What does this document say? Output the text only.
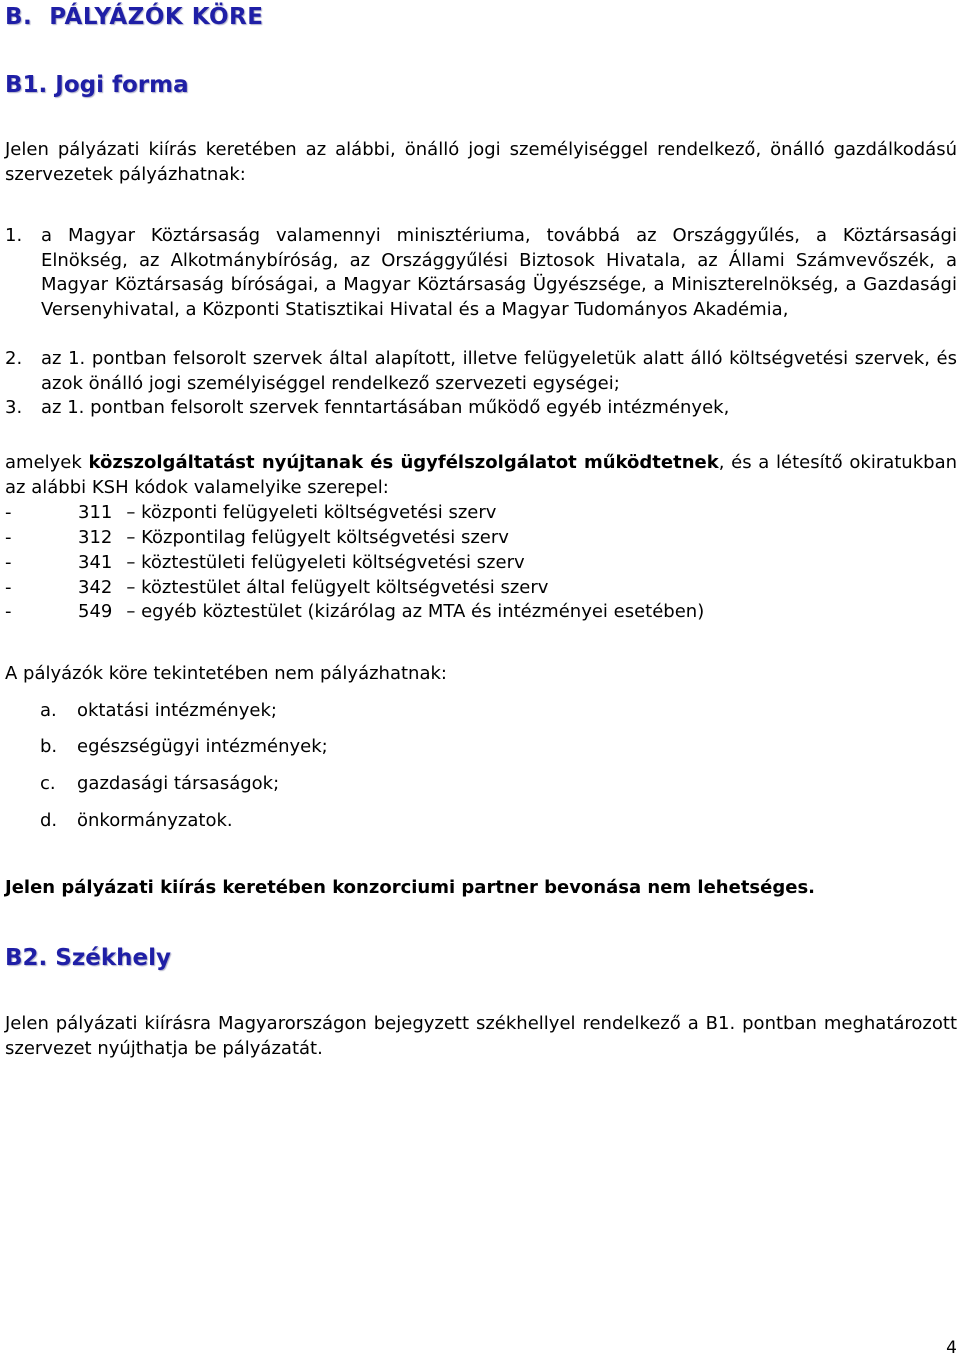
B.  PÁLYÁZÓK KÖRE
B1. Jogi forma
Jelen pályázati kiírás keretében az alábbi, önálló jogi személyiséggel rendelkező, önálló gazdálkodású szervezetek pályázhatnak:
1. a Magyar Köztársaság valamennyi minisztériuma, továbbá az Országgyűlés, a Köztársasági Elnökség, az Alkotmánybíróság, az Országgyűlési Biztosok Hivatala, az Állami Számvevőszék, a Magyar Köztársaság bíróságai, a Magyar Köztársaság Ügyészsége, a Miniszterelnökség, a Gazdasági Versenyhivatal, a Központi Statisztikai Hivatal és a Magyar Tudományos Akadémia,
2. az 1. pontban felsorolt szervek által alapított, illetve felügyeletük alatt álló költségvetési szervek, és azok önálló jogi személyiséggel rendelkező szervezeti egységei;
3. az 1. pontban felsorolt szervek fenntartásában működő egyéb intézmények,
amelyek közszolgáltatást nyújtanak és ügyfélszolgálatot működtetnek, és a létesítő okiratukban az alábbi KSH kódok valamelyike szerepel:
-	311 – központi felügyeleti költségvetési szerv
-	312 – Központilag felügyelt költségvetési szerv
-	341 – köztestületi felügyeleti költségvetési szerv
-	342 – köztestület által felügyelt költségvetési szerv
-	549 – egyéb köztestület (kizárólag az MTA és intézményei esetében)
A pályázók köre tekintetében nem pályázhatnak:
a. oktatási intézmények;
b. egészségügyi intézmények;
c. gazdasági társaságok;
d. önkormányzatok.
Jelen pályázati kiírás keretében konzorciumi partner bevonása nem lehetséges.
B2. Székhely
Jelen pályázati kiírásra Magyarországon bejegyzett székhellyel rendelkező a B1. pontban meghatározott szervezet nyújthatja be pályázatát.
4
